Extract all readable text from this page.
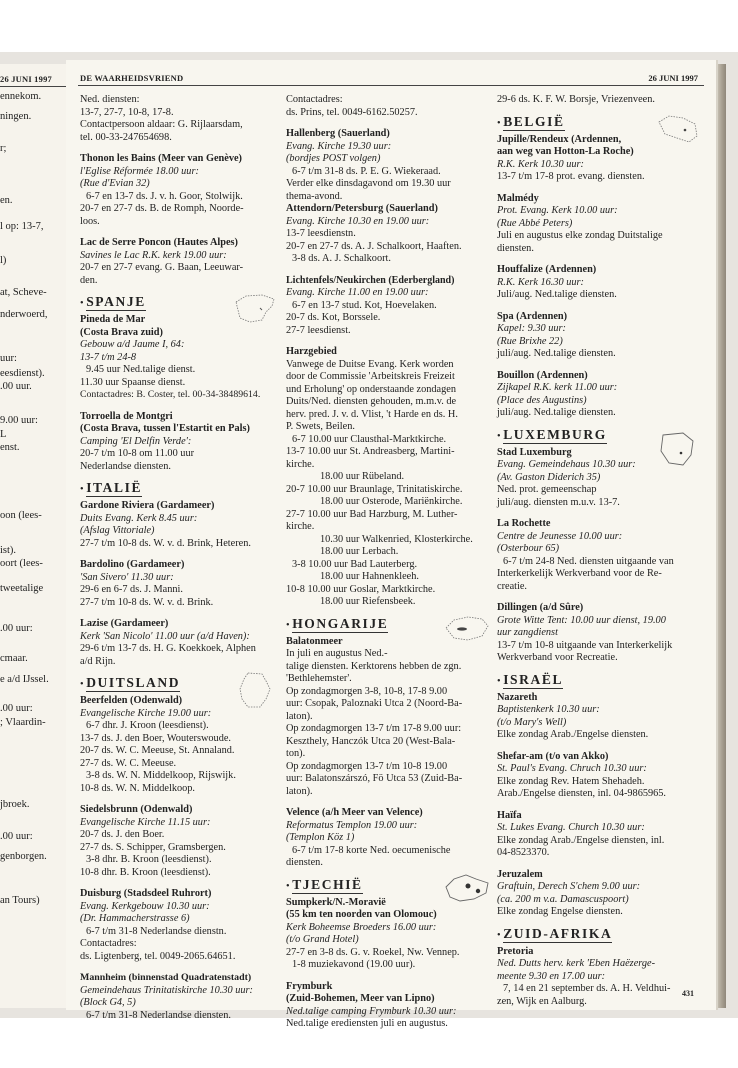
26 JUNI 1997
ennekom.
ningen.
r;
en.
l op: 13-7,
l)
at, Scheve-
nderwoerd,
uur:
eesdienst).
.00 uur.
9.00 uur:
L
enst.
oon (lees-
ist).
oort (lees-
tweetalige
.00 uur:
cmaar.
e a/d IJssel.
.00 uur:
; Vlaardin-
jbroek.
.00 uur:
genborgen.
an Tours)
DE WAARHEIDSVRIEND	26 JUNI 1997
Ned. diensten:
13-7, 27-7, 10-8, 17-8.
Contactpersoon aldaar: G. Rijlaarsdam,
tel. 00-33-247654698.
Thonon les Bains (Meer van Genève)
l'Eglise Réformée 18.00 uur:
(Rue d'Evian 32)
6-7 en 13-7 ds. J. v. h. Goor, Stolwijk.
20-7 en 27-7 ds. B. de Romph, Noorde-
loos.
Lac de Serre Poncon (Hautes Alpes)
Savines le Lac R.K. kerk 19.00 uur:
20-7 en 27-7 evang. G. Baan, Leeuwar-
den.
• SPANJE
Pineda de Mar
(Costa Brava zuid)
Gebouw a/d Jaume I, 64:
13-7 t/m 24-8
9.45 uur Ned.talige dienst.
11.30 uur Spaanse dienst.
Contactadres: B. Coster, tel. 00-34-38489614.
Torroella de Montgri
(Costa Brava, tussen l'Estartit en Pals)
Camping 'El Delfin Verde':
20-7 t/m 10-8 om 11.00 uur
Nederlandse diensten.
• ITALIË
Gardone Riviera (Gardameer)
Duits Evang. Kerk 8.45 uur:
(Afslag Vittoriale)
27-7 t/m 10-8 ds. W. v. d. Brink, Heteren.
Bardolino (Gardameer)
'San Sivero' 11.30 uur:
29-6 en 6-7 ds. J. Manni.
27-7 t/m 10-8 ds. W. v. d. Brink.
Lazise (Gardameer)
Kerk 'San Nicolo' 11.00 uur (a/d Haven):
29-6 t/m 13-7 ds. H. G. Koekkoek, Alphen
a/d Rijn.
• DUITSLAND
Beerfelden (Odenwald)
Evangelische Kirche 19.00 uur:
6-7 dhr. J. Kroon (leesdienst).
13-7 ds. J. den Boer, Wouterswoude.
20-7 ds. W. C. Meeuse, St. Annaland.
27-7 ds. W. C. Meeuse.
3-8 ds. W. N. Middelkoop, Rijswijk.
10-8 ds. W. N. Middelkoop.
Siedelsbrunn (Odenwald)
Evangelische Kirche 11.15 uur:
20-7 ds. J. den Boer.
27-7 ds. S. Schipper, Gramsbergen.
3-8 dhr. B. Kroon (leesdienst).
10-8 dhr. B. Kroon (leesdienst).
Duisburg (Stadsdeel Ruhrort)
Evang. Kerkgebouw 10.30 uur:
(Dr. Hammacherstrasse 6)
6-7 t/m 31-8 Nederlandse dienstn.
Contactadres:
ds. Ligtenberg, tel. 0049-2065.64651.
Mannheim (binnenstad Quadratenstadt)
Gemeindehaus Trinitatiskirche 10.30 uur:
(Block G4, 5)
6-7 t/m 31-8 Nederlandse diensten.
Contactadres:
ds. Prins, tel. 0049-6162.50257.
Hallenberg (Sauerland)
Evang. Kirche 19.30 uur:
(bordjes POST volgen)
6-7 t/m 31-8 ds. P. E. G. Wiekeraad.
Verder elke dinsdagavond om 19.30 uur
thema-avond.
Attendorn/Petersburg (Sauerland)
Evang. Kirche 10.30 en 19.00 uur:
13-7 leesdienstn.
20-7 en 27-7 ds. A. J. Schalkoort, Haaften.
3-8 ds. A. J. Schalkoort.
Lichtenfels/Neukirchen (Ederbergland)
Evang. Kirche 11.00 en 19.00 uur:
6-7 en 13-7 stud. Kot, Hoevelaken.
20-7 ds. Kot, Borssele.
27-7 leesdienst.
Harzgebied
Vanwege de Duitse Evang. Kerk worden
door de Commissie 'Arbeitskreis Freizeit
und Erholung' op onderstaande zondagen
Duits/Ned. diensten gehouden, m.m.v. de
herv. pred. J. v. d. Vlist, 't Harde en ds. H.
P. Swets, Beilen.
6-7 10.00 uur Clausthal-Marktkirche.
13-7 10.00 uur St. Andreasberg, Martini-
kirche.
18.00 uur Rübeland.
20-7 10.00 uur Braunlage, Trinitatiskirche.
18.00 uur Osterode, Mariënkirche.
27-7 10.00 uur Bad Harzburg, M. Luther-
kirche.
10.30 uur Walkenried, Klosterkirche.
18.00 uur Lerbach.
3-8 10.00 uur Bad Lauterberg.
18.00 uur Hahnenkleeh.
10-8 10.00 uur Goslar, Marktkirche.
18.00 uur Riefensbeek.
• HONGARIJE
Balatonmeer
In juli en augustus Ned.-
talige diensten. Kerktorens hebben de zgn.
'Bethlehemster'.
Op zondagmorgen 3-8, 10-8, 17-8 9.00
uur: Csopak, Paloznaki Utca 2 (Noord-Ba-
laton).
Op zondagmorgen 13-7 t/m 17-8 9.00 uur:
Keszthely, Hanczók Utca 20 (West-Bala-
ton).
Op zondagmorgen 13-7 t/m 10-8 19.00
uur: Balatonszárszó, Fö Utca 53 (Zuid-Ba-
laton).
Velence (a/h Meer van Velence)
Reformatus Templon 19.00 uur:
(Templon Köz 1)
6-7 t/m 17-8 korte Ned. oecumenische
diensten.
• TJECHIË
Sumpkerk/N.-Moravië
(55 km ten noorden van Olomouc)
Kerk Boheemse Broeders 16.00 uur:
(t/o Grand Hotel)
27-7 en 3-8 ds. G. v. Roekel, Nw. Vennep.
1-8 muziekavond (19.00 uur).
Frymburk
(Zuid-Bohemen, Meer van Lipno)
Ned.talige camping Frymburk 10.30 uur:
Ned.talige erediensten juli en augustus.
29-6 ds. K. F. W. Borsje, Vriezenveen.
• BELGIË
Jupille/Rendeux (Ardennen,
aan weg van Hotton-La Roche)
R.K. Kerk 10.30 uur:
13-7 t/m 17-8 prot. evang. diensten.
Malmédy
Prot. Evang. Kerk 10.00 uur:
(Rue Abbé Peters)
Juli en augustus elke zondag Duitstalige
diensten.
Houffalize (Ardennen)
R.K. Kerk 16.30 uur:
Juli/aug. Ned.talige diensten.
Spa (Ardennen)
Kapel: 9.30 uur:
(Rue Brixhe 22)
juli/aug. Ned.talige diensten.
Bouillon (Ardennen)
Zijkapel R.K. kerk 11.00 uur:
(Place des Augustins)
juli/aug. Ned.talige diensten.
• LUXEMBURG
Stad Luxemburg
Evang. Gemeindehaus 10.30 uur:
(Av. Gaston Diderich 35)
Ned. prot. gemeenschap
juli/aug. diensten m.u.v. 13-7.
La Rochette
Centre de Jeunesse 10.00 uur:
(Osterbour 65)
6-7 t/m 24-8 Ned. diensten uitgaande van
Interkerkelijk Werkverband voor de Re-
creatie.
Dillingen (a/d Sûre)
Grote Witte Tent: 10.00 uur dienst, 19.00
uur zangdienst
13-7 t/m 10-8 uitgaande van Interkerkelijk
Werkverband voor Recreatie.
• ISRAËL
Nazareth
Baptistenkerk 10.30 uur:
(t/o Mary's Well)
Elke zondag Arab./Engelse diensten.
Shefar-am (t/o van Akko)
St. Paul's Evang. Chruch 10.30 uur:
Elke zondag Rev. Hatem Shehadeh.
Arab./Engelse diensten, inl. 04-9865965.
Haïfa
St. Lukes Evang. Church 10.30 uur:
Elke zondag Arab./Engelse diensten, inl.
04-8523370.
Jeruzalem
Graftuin, Derech S'chem 9.00 uur:
(ca. 200 m v.a. Damascuspoort)
Elke zondag Engelse diensten.
• ZUID-AFRIKA
Pretoria
Ned. Dutts herv. kerk 'Eben Haëzerge-
meente 9.30 en 17.00 uur:
7, 14 en 21 september ds. A. H. Veldhui-
zen, Wijk en Aalburg.
431
